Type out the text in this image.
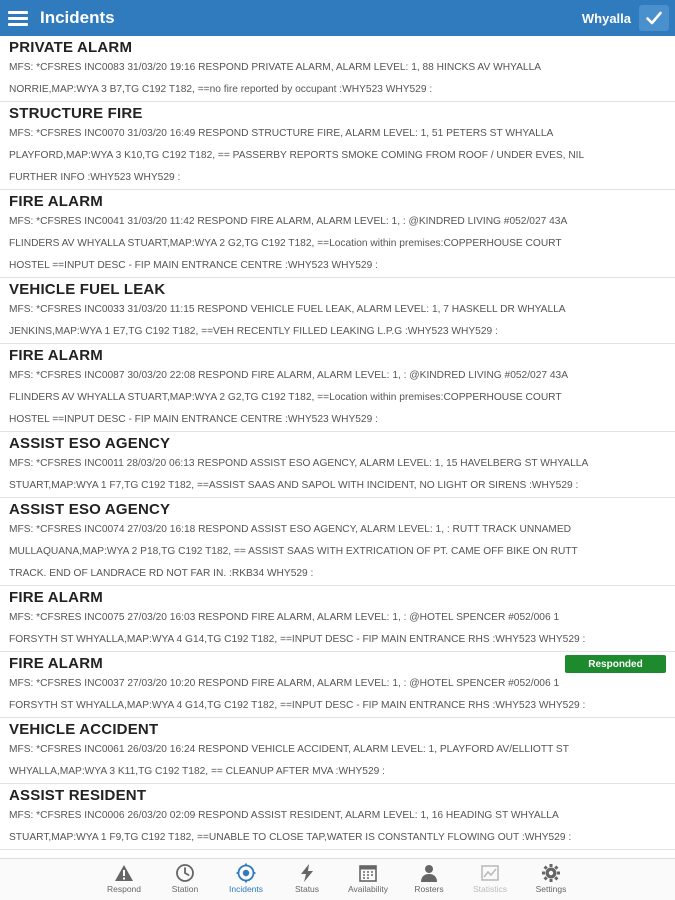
Incidents	Whyalla
PRIVATE ALARM

MFS: *CFSRES INC0083 31/03/20 19:16 RESPOND PRIVATE ALARM, ALARM LEVEL: 1, 88 HINCKS AV WHYALLA

NORRIE,MAP:WYA 3 B7,TG C192 T182, ==no fire reported by occupant :WHY523 WHY529 :

STRUCTURE FIRE

MFS: *CFSRES INC0070 31/03/20 16:49 RESPOND STRUCTURE FIRE, ALARM LEVEL: 1, 51 PETERS ST WHYALLA

PLAYFORD,MAP:WYA 3 K10,TG C192 T182, == PASSERBY REPORTS SMOKE COMING FROM ROOF / UNDER EVES, NIL

FURTHER INFO :WHY523 WHY529 :

FIRE ALARM

MFS: *CFSRES INC0041 31/03/20 11:42 RESPOND FIRE ALARM, ALARM LEVEL: 1, : @KINDRED LIVING #052/027 43A

FLINDERS AV WHYALLA STUART,MAP:WYA 2 G2,TG C192 T182, ==Location within premises:COPPERHOUSE COURT

HOSTEL ==INPUT DESC - FIP MAIN ENTRANCE CENTRE :WHY523 WHY529 :

VEHICLE FUEL LEAK

MFS: *CFSRES INC0033 31/03/20 11:15 RESPOND VEHICLE FUEL LEAK, ALARM LEVEL: 1, 7 HASKELL DR WHYALLA

JENKINS,MAP:WYA 1 E7,TG C192 T182, ==VEH RECENTLY FILLED LEAKING L.P.G :WHY523 WHY529 :

FIRE ALARM

MFS: *CFSRES INC0087 30/03/20 22:08 RESPOND FIRE ALARM, ALARM LEVEL: 1, : @KINDRED LIVING #052/027 43A

FLINDERS AV WHYALLA STUART,MAP:WYA 2 G2,TG C192 T182, ==Location within premises:COPPERHOUSE COURT

HOSTEL ==INPUT DESC - FIP MAIN ENTRANCE CENTRE :WHY523 WHY529 :

ASSIST ESO AGENCY

MFS: *CFSRES INC0011 28/03/20 06:13 RESPOND ASSIST ESO AGENCY, ALARM LEVEL: 1, 15 HAVELBERG ST WHYALLA

STUART,MAP:WYA 1 F7,TG C192 T182, ==ASSIST SAAS AND SAPOL WITH INCIDENT, NO LIGHT OR SIRENS :WHY529 :

ASSIST ESO AGENCY

MFS: *CFSRES INC0074 27/03/20 16:18 RESPOND ASSIST ESO AGENCY, ALARM LEVEL: 1, : RUTT TRACK UNNAMED

MULLAQUANA,MAP:WYA 2 P18,TG C192 T182, == ASSIST SAAS WITH EXTRICATION OF PT. CAME OFF BIKE ON RUTT

TRACK. END OF LANDRACE RD NOT FAR IN. :RKB34 WHY529 :

FIRE ALARM

MFS: *CFSRES INC0075 27/03/20 16:03 RESPOND FIRE ALARM, ALARM LEVEL: 1, : @HOTEL SPENCER #052/006 1

FORSYTH ST WHYALLA,MAP:WYA 4 G14,TG C192 T182, ==INPUT DESC - FIP MAIN ENTRANCE RHS :WHY523 WHY529 :

FIRE ALARM	Responded

MFS: *CFSRES INC0037 27/03/20 10:20 RESPOND FIRE ALARM, ALARM LEVEL: 1, : @HOTEL SPENCER #052/006 1

FORSYTH ST WHYALLA,MAP:WYA 4 G14,TG C192 T182, ==INPUT DESC - FIP MAIN ENTRANCE RHS :WHY523 WHY529 :

VEHICLE ACCIDENT

MFS: *CFSRES INC0061 26/03/20 16:24 RESPOND VEHICLE ACCIDENT, ALARM LEVEL: 1, PLAYFORD AV/ELLIOTT ST

WHYALLA,MAP:WYA 3 K11,TG C192 T182, == CLEANUP AFTER MVA :WHY529 :

ASSIST RESIDENT

MFS: *CFSRES INC0006 26/03/20 02:09 RESPOND ASSIST RESIDENT, ALARM LEVEL: 1, 16 HEADING ST WHYALLA

STUART,MAP:WYA 1 F9,TG C192 T182, ==UNABLE TO CLOSE TAP,WATER IS CONSTANTLY FLOWING OUT :WHY529 :

Respond	Station	Incidents	Status	Availability	Rosters	Statistics	Settings
